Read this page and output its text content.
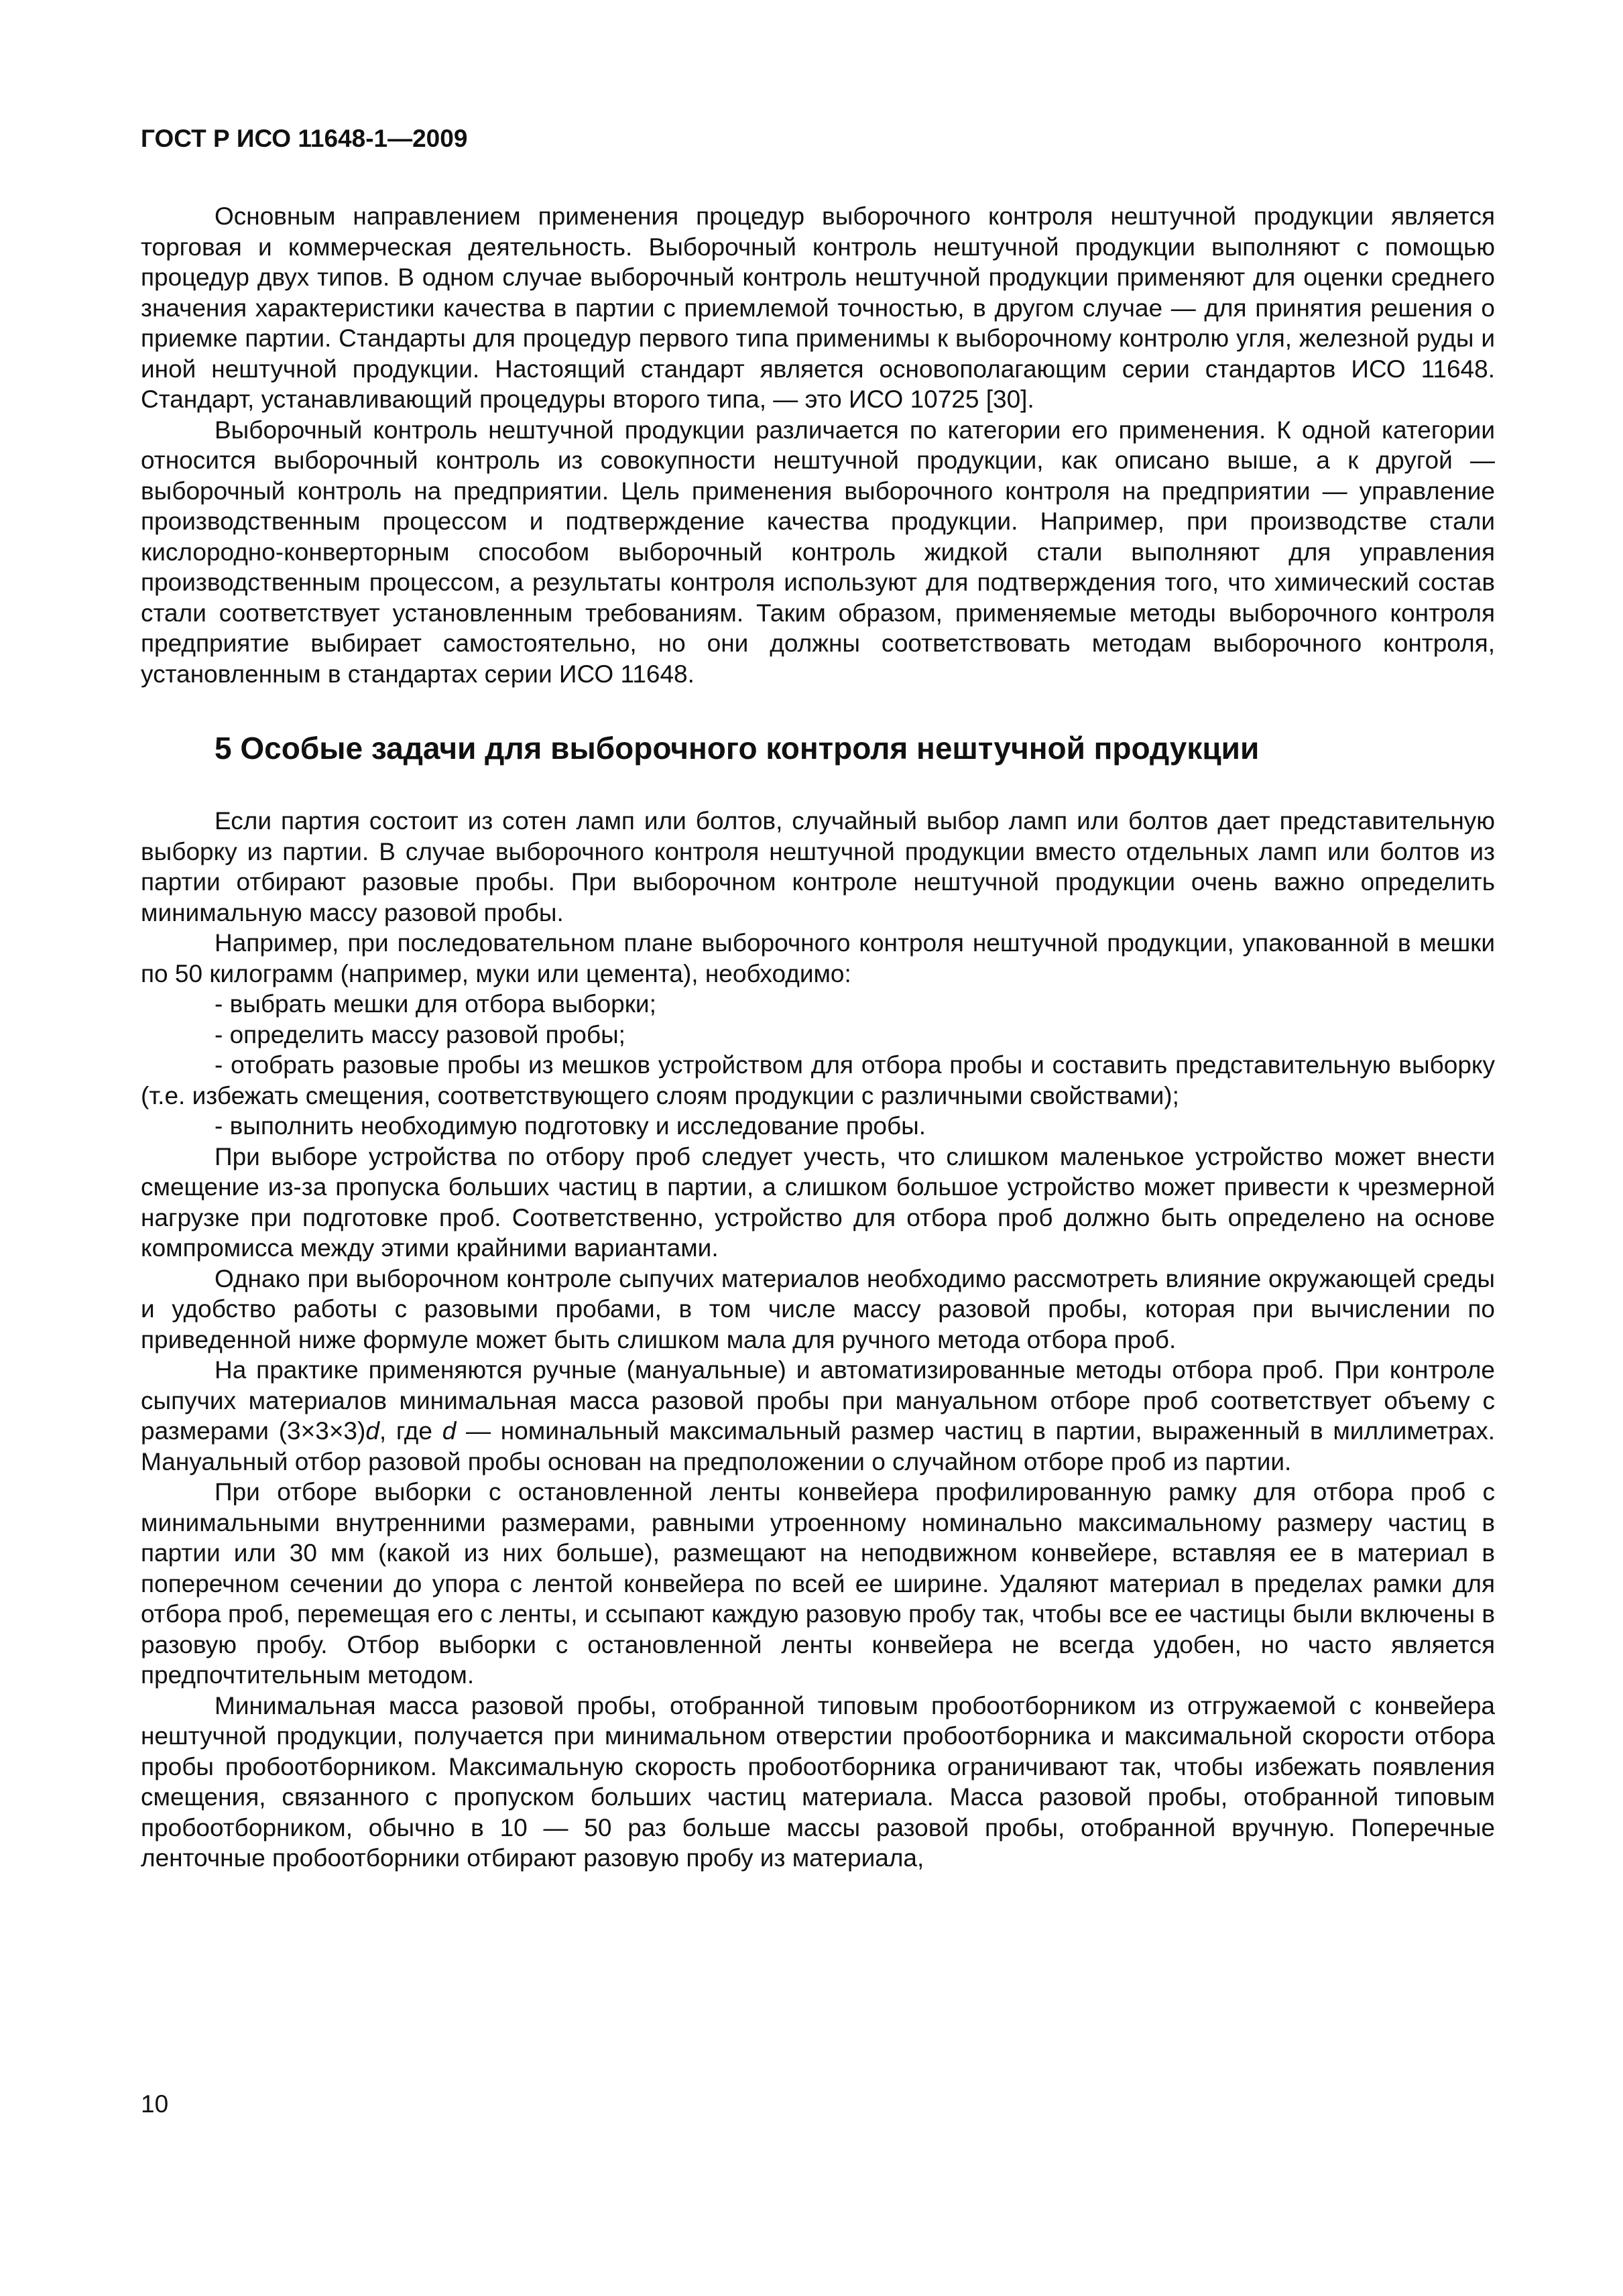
ГОСТ Р ИСО 11648-1—2009

Основным направлением применения процедур выборочного контроля нештучной продукции является торговая и коммерческая деятельность. Выборочный контроль нештучной продукции выполняют с помощью процедур двух типов. В одном случае выборочный контроль нештучной продукции применяют для оценки среднего значения характеристики качества в партии с приемлемой точностью, в другом случае — для принятия решения о приемке партии. Стандарты для процедур первого типа применимы к выборочному контролю угля, железной руды и иной нештучной продукции. Настоящий стандарт является основополагающим серии стандартов ИСО 11648. Стандарт, устанавливающий процедуры второго типа, — это ИСО 10725 [30].

Выборочный контроль нештучной продукции различается по категории его применения. К одной категории относится выборочный контроль из совокупности нештучной продукции, как описано выше, а к другой — выборочный контроль на предприятии. Цель применения выборочного контроля на предприятии — управление производственным процессом и подтверждение качества продукции. Например, при производстве стали кислородно-конверторным способом выборочный контроль жидкой стали выполняют для управления производственным процессом, а результаты контроля используют для подтверждения того, что химический состав стали соответствует установленным требованиям. Таким образом, применяемые методы выборочного контроля предприятие выбирает самостоятельно, но они должны соответствовать методам выборочного контроля, установленным в стандартах серии ИСО 11648.

5 Особые задачи для выборочного контроля нештучной продукции

Если партия состоит из сотен ламп или болтов, случайный выбор ламп или болтов дает представительную выборку из партии. В случае выборочного контроля нештучной продукции вместо отдельных ламп или болтов из партии отбирают разовые пробы. При выборочном контроле нештучной продукции очень важно определить минимальную массу разовой пробы.

Например, при последовательном плане выборочного контроля нештучной продукции, упакованной в мешки по 50 килограмм (например, муки или цемента), необходимо:

- выбрать мешки для отбора выборки;

- определить массу разовой пробы;

- отобрать разовые пробы из мешков устройством для отбора пробы и составить представительную выборку (т.е. избежать смещения, соответствующего слоям продукции с различными свойствами);

- выполнить необходимую подготовку и исследование пробы.

При выборе устройства по отбору проб следует учесть, что слишком маленькое устройство может внести смещение из-за пропуска больших частиц в партии, а слишком большое устройство может привести к чрезмерной нагрузке при подготовке проб. Соответственно, устройство для отбора проб должно быть определено на основе компромисса между этими крайними вариантами.

Однако при выборочном контроле сыпучих материалов необходимо рассмотреть влияние окружающей среды и удобство работы с разовыми пробами, в том числе массу разовой пробы, которая при вычислении по приведенной ниже формуле может быть слишком мала для ручного метода отбора проб.

На практике применяются ручные (мануальные) и автоматизированные методы отбора проб. При контроле сыпучих материалов минимальная масса разовой пробы при мануальном отборе проб соответствует объему с размерами (3×3×3)d, где d — номинальный максимальный размер частиц в партии, выраженный в миллиметрах. Мануальный отбор разовой пробы основан на предположении о случайном отборе проб из партии.

При отборе выборки с остановленной ленты конвейера профилированную рамку для отбора проб с минимальными внутренними размерами, равными утроенному номинально максимальному размеру частиц в партии или 30 мм (какой из них больше), размещают на неподвижном конвейере, вставляя ее в материал в поперечном сечении до упора с лентой конвейера по всей ее ширине. Удаляют материал в пределах рамки для отбора проб, перемещая его с ленты, и ссыпают каждую разовую пробу так, чтобы все ее частицы были включены в разовую пробу. Отбор выборки с остановленной ленты конвейера не всегда удобен, но часто является предпочтительным методом.

Минимальная масса разовой пробы, отобранной типовым пробоотборником из отгружаемой с конвейера нештучной продукции, получается при минимальном отверстии пробоотборника и максимальной скорости отбора пробы пробоотборником. Максимальную скорость пробоотборника ограничивают так, чтобы избежать появления смещения, связанного с пропуском больших частиц материала. Масса разовой пробы, отобранной типовым пробоотборником, обычно в 10 — 50 раз больше массы разовой пробы, отобранной вручную. Поперечные ленточные пробоотборники отбирают разовую пробу из материала,

10
